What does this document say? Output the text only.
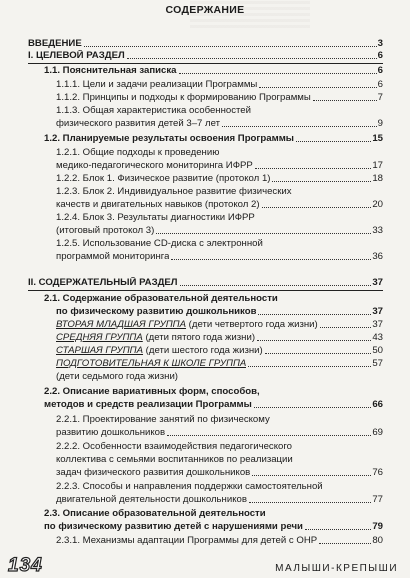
СОДЕРЖАНИЕ
ВВЕДЕНИЕ	3
I. ЦЕЛЕВОЙ РАЗДЕЛ	6
1.1. Пояснительная записка	6
1.1.1. Цели и задачи реализации Программы	6
1.1.2. Принципы и подходы к формированию Программы	7
1.1.3. Общая характеристика особенностей
физического развития детей 3–7 лет	9
1.2. Планируемые результаты освоения Программы	15
1.2.1. Общие подходы к проведению
медико-педагогического мониторинга ИФРР	17
1.2.2. Блок 1. Физическое развитие (протокол 1)	18
1.2.3. Блок 2. Индивидуальное развитие физических
качеств и двигательных навыков (протокол 2)	20
1.2.4. Блок 3. Результаты диагностики ИФРР
(итоговый протокол 3)	33
1.2.5. Использование CD-диска с электронной
программой мониторинга	36
II. СОДЕРЖАТЕЛЬНЫЙ РАЗДЕЛ	37
2.1. Содержание образовательной деятельности
по физическому развитию дошкольников	37
ВТОРАЯ МЛАДШАЯ ГРУППА (дети четвертого года жизни)	37
СРЕДНЯЯ ГРУППА (дети пятого года жизни)	43
СТАРШАЯ ГРУППА (дети шестого года жизни)	50
ПОДГОТОВИТЕЛЬНАЯ К ШКОЛЕ ГРУППА	57
(дети седьмого года жизни)
2.2. Описание вариативных форм, способов,
методов и средств реализации Программы	66
2.2.1. Проектирование занятий по физическому
развитию дошкольников	69
2.2.2. Особенности взаимодействия педагогического
коллектива с семьями воспитанников по реализации
задач физического развития дошкольников	76
2.2.3. Способы и направления поддержки самостоятельной
двигательной деятельности дошкольников	77
2.3. Описание образовательной деятельности
по физическому развитию детей с нарушениями речи	79
2.3.1. Механизмы адаптации Программы для детей с ОНР	80
134	МАЛЫШИ-КРЕПЫШИ
